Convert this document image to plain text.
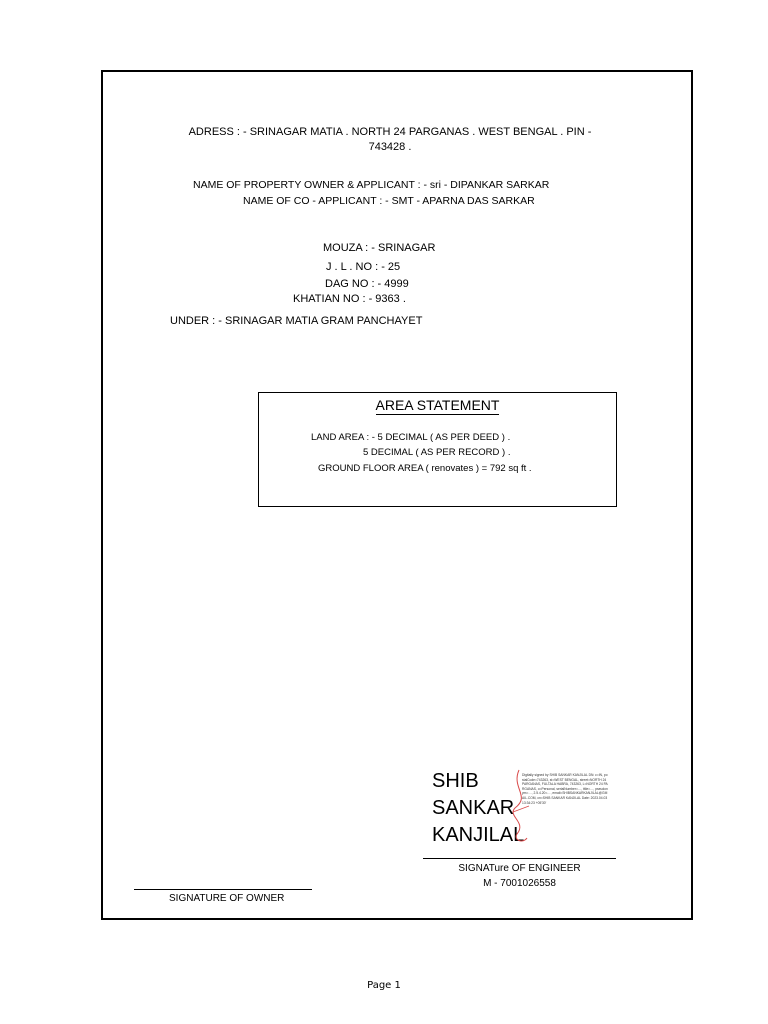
ADRESS : - SRINAGAR MATIA . NORTH 24 PARGANAS . WEST BENGAL . PIN -
743428 .
NAME OF PROPERTY OWNER & APPLICANT : - sri - DIPANKAR SARKAR
NAME OF CO - APPLICANT : - SMT - APARNA DAS SARKAR
MOUZA : - SRINAGAR
J . L . NO : - 25
DAG NO : - 4999
KHATIAN NO : - 9363 .
UNDER : - SRINAGAR MATIA GRAM PANCHAYET
AREA STATEMENT
LAND AREA : - 5 DECIMAL ( AS PER DEED ) .
5 DECIMAL ( AS PER RECORD ) .
GROUND FLOOR AREA ( renovates ) = 792 sq ft .
SHIB
SANKAR
KANJILAL
Digitally signed by SHIB SANKAR KANJILAL DN: c=IN, postalCode=743263, st=WEST BENGAL, street=NORTH 24 PARGANAS, FULTALA HABRA, 743263, L=NORTH 24 PARGANAS, o=Personal, serialNumber=…, title=…, pseudonym=…, 2.5.4.20=…, email=SHIBSANKARKANJILAL@GMAIL.COM, cn=SHIB SANKAR KANJILAL Date: 2023.04.03 13:34:23 +05'30'
SIGNATure OF ENGINEER
M - 7001026558
SIGNATURE OF OWNER
Page 1
